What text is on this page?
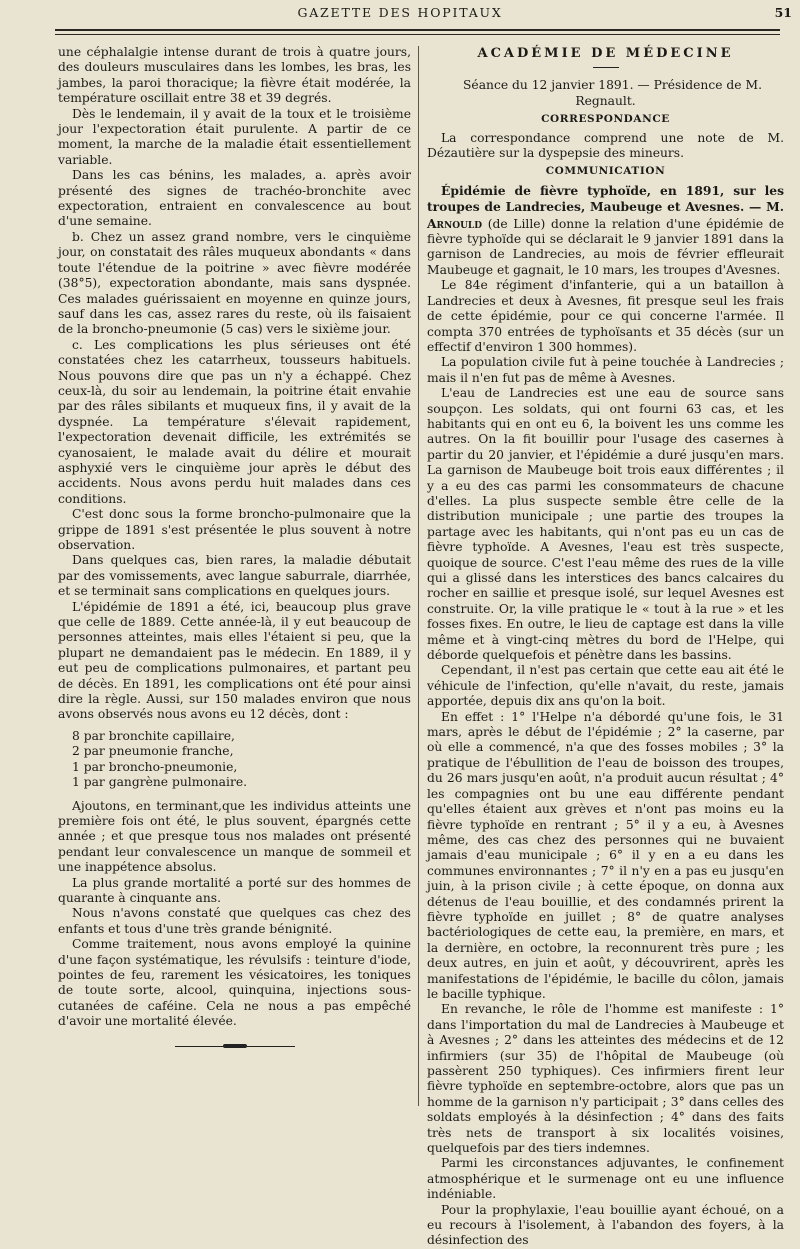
GAZETTE DES HOPITAUX	51

une céphalalgie intense durant de trois à quatre jours, des douleurs musculaires dans les lombes, les bras, les jambes, la paroi thoracique; la fièvre était modérée, la température oscillait entre 38 et 39 degrés.

Dès le lendemain, il y avait de la toux et le troisième jour l'expectoration était purulente. A partir de ce moment, la marche de la maladie était essentiellement variable.

Dans les cas bénins, les malades, a. après avoir présenté des signes de trachéo-bronchite avec expectoration, entraient en convalescence au bout d'une semaine.

b. Chez un assez grand nombre, vers le cinquième jour, on constatait des râles muqueux abondants « dans toute l'étendue de la poitrine » avec fièvre modérée (38°5), expectoration abondante, mais sans dyspnée. Ces malades guérissaient en moyenne en quinze jours, sauf dans les cas, assez rares du reste, où ils faisaient de la broncho-pneumonie (5 cas) vers le sixième jour.

c. Les complications les plus sérieuses ont été constatées chez les catarrheux, tousseurs habituels. Nous pouvons dire que pas un n'y a échappé. Chez ceux-là, du soir au lendemain, la poitrine était envahie par des râles sibilants et muqueux fins, il y avait de la dyspnée. La température s'élevait rapidement, l'expectoration devenait difficile, les extrémités se cyanosaient, le malade avait du délire et mourait asphyxié vers le cinquième jour après le début des accidents. Nous avons perdu huit malades dans ces conditions.

C'est donc sous la forme broncho-pulmonaire que la grippe de 1891 s'est présentée le plus souvent à notre observation.

Dans quelques cas, bien rares, la maladie débutait par des vomissements, avec langue saburrale, diarrhée, et se terminait sans complications en quelques jours.

L'épidémie de 1891 a été, ici, beaucoup plus grave que celle de 1889. Cette année-là, il y eut beaucoup de personnes atteintes, mais elles l'étaient si peu, que la plupart ne demandaient pas le médecin. En 1889, il y eut peu de complications pulmonaires, et partant peu de décès. En 1891, les complications ont été pour ainsi dire la règle. Aussi, sur 150 malades environ que nous avons observés nous avons eu 12 décès, dont :

8 par bronchite capillaire,
2 par pneumonie franche,
1 par broncho-pneumonie,
1 par gangrène pulmonaire.

Ajoutons, en terminant,que les individus atteints une première fois ont été, le plus souvent, épargnés cette année ; et que presque tous nos malades ont présenté pendant leur convalescence un manque de sommeil et une inappétence absolus.

La plus grande mortalité a porté sur des hommes de quarante à cinquante ans.

Nous n'avons constaté que quelques cas chez des enfants et tous d'une très grande bénignité.

Comme traitement, nous avons employé la quinine d'une façon systématique, les révulsifs : teinture d'iode, pointes de feu, rarement les vésicatoires, les toniques de toute sorte, alcool, quinquina, injections sous-cutanées de caféine. Cela ne nous a pas empêché d'avoir une mortalité élevée.

ACADÉMIE DE MÉDECINE

Séance du 12 janvier 1891. — Présidence de M. Regnault.

CORRESPONDANCE

La correspondance comprend une note de M. Dézautière sur la dyspepsie des mineurs.

COMMUNICATION

Épidémie de fièvre typhoïde, en 1891, sur les troupes de Landrecies, Maubeuge et Avesnes. — M. Arnould (de Lille) donne la relation d'une épidémie de fièvre typhoïde qui se déclarait le 9 janvier 1891 dans la garnison de Landrecies, au mois de février effleurait Maubeuge et gagnait, le 10 mars, les troupes d'Avesnes.

Le 84e régiment d'infanterie, qui a un bataillon à Landrecies et deux à Avesnes, fit presque seul les frais de cette épidémie, pour ce qui concerne l'armée. Il compta 370 entrées de typhoïsants et 35 décès (sur un effectif d'environ 1 300 hommes).

La population civile fut à peine touchée à Landrecies ; mais il n'en fut pas de même à Avesnes.

L'eau de Landrecies est une eau de source sans soupçon. Les soldats, qui ont fourni 63 cas, et les habitants qui en ont eu 6, la boivent les uns comme les autres. On la fit bouillir pour l'usage des casernes à partir du 20 janvier, et l'épidémie a duré jusqu'en mars. La garnison de Maubeuge boit trois eaux différentes ; il y a eu des cas parmi les consommateurs de chacune d'elles. La plus suspecte semble être celle de la distribution municipale ; une partie des troupes la partage avec les habitants, qui n'ont pas eu un cas de fièvre typhoïde. A Avesnes, l'eau est très suspecte, quoique de source. C'est l'eau même des rues de la ville qui a glissé dans les interstices des bancs calcaires du rocher en saillie et presque isolé, sur lequel Avesnes est construite. Or, la ville pratique le « tout à la rue » et les fosses fixes. En outre, le lieu de captage est dans la ville même et à vingt-cinq mètres du bord de l'Helpe, qui déborde quelquefois et pénètre dans les bassins.

Cependant, il n'est pas certain que cette eau ait été le véhicule de l'infection, qu'elle n'avait, du reste, jamais apportée, depuis dix ans qu'on la boit.

En effet : 1° l'Helpe n'a débordé qu'une fois, le 31 mars, après le début de l'épidémie ; 2° la caserne, par où elle a commencé, n'a que des fosses mobiles ; 3° la pratique de l'ébullition de l'eau de boisson des troupes, du 26 mars jusqu'en août, n'a produit aucun résultat ; 4° les compagnies ont bu une eau différente pendant qu'elles étaient aux grèves et n'ont pas moins eu la fièvre typhoïde en rentrant ; 5° il y a eu, à Avesnes même, des cas chez des personnes qui ne buvaient jamais d'eau municipale ; 6° il y en a eu dans les communes environnantes ; 7° il n'y en a pas eu jusqu'en juin, à la prison civile ; à cette époque, on donna aux détenus de l'eau bouillie, et des condamnés prirent la fièvre typhoïde en juillet ; 8° de quatre analyses bactériologiques de cette eau, la première, en mars, et la dernière, en octobre, la reconnurent très pure ; les deux autres, en juin et août, y découvrirent, après les manifestations de l'épidémie, le bacille du côlon, jamais le bacille typhique.

En revanche, le rôle de l'homme est manifeste : 1° dans l'importation du mal de Landrecies à Maubeuge et à Avesnes ; 2° dans les atteintes des médecins et de 12 infirmiers (sur 35) de l'hôpital de Maubeuge (où passèrent 250 typhiques). Ces infirmiers firent leur fièvre typhoïde en septembre-octobre, alors que pas un homme de la garnison n'y participait ; 3° dans celles des soldats employés à la désinfection ; 4° dans des faits très nets de transport à six localités voisines, quelquefois par des tiers indemnes.

Parmi les circonstances adjuvantes, le confinement atmosphérique et le surmenage ont eu une influence indéniable.

Pour la prophylaxie, l'eau bouillie ayant échoué, on a eu recours à l'isolement, à l'abandon des foyers, à la désinfection des
